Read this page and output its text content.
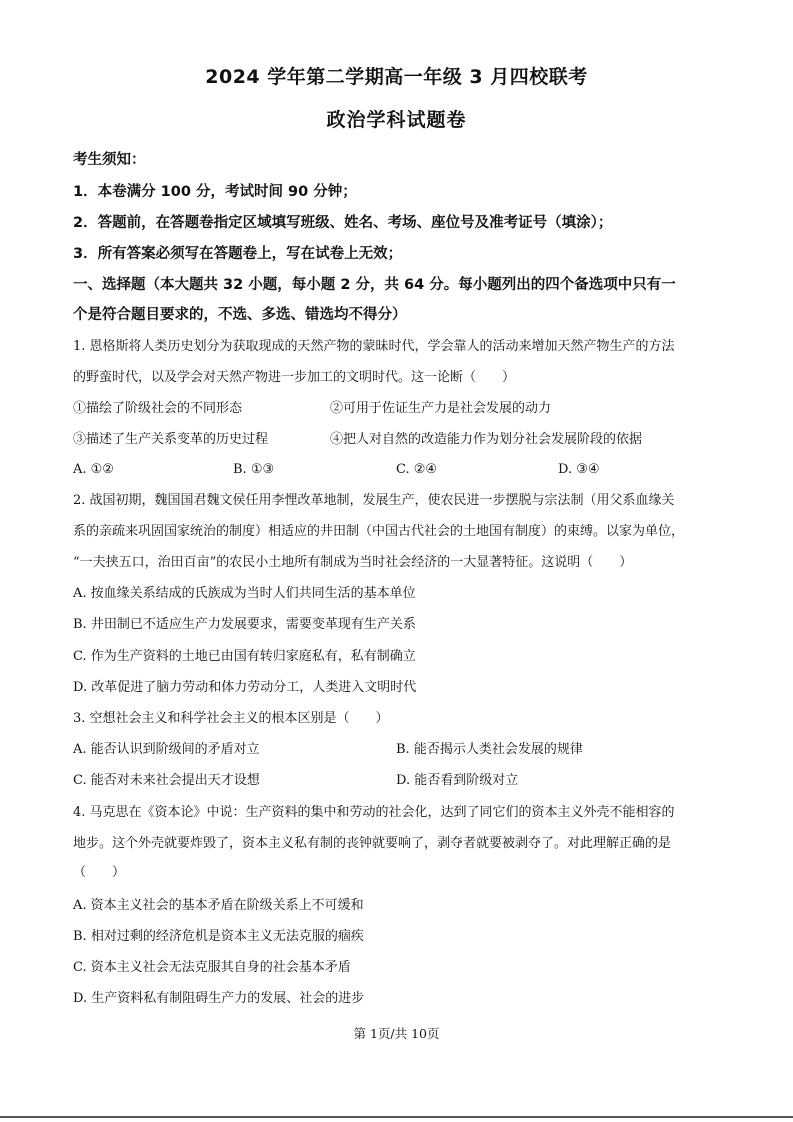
2024 学年第二学期高一年级 3 月四校联考
政治学科试题卷
考生须知：
1．本卷满分 100 分，考试时间 90 分钟；
2．答题前，在答题卷指定区域填写班级、姓名、考场、座位号及准考证号（填涂）；
3．所有答案必须写在答题卷上，写在试卷上无效；
一、选择题（本大题共 32 小题，每小题 2 分，共 64 分。每小题列出的四个备选项中只有一
个是符合题目要求的，不选、多选、错选均不得分）
1. 恩格斯将人类历史划分为获取现成的天然产物的蒙昧时代，学会靠人的活动来增加天然产物生产的方法
的野蛮时代，以及学会对天然产物进一步加工的文明时代。这一论断（　　）
①描绘了阶级社会的不同形态	②可用于佐证生产力是社会发展的动力
③描述了生产关系变革的历史过程	④把人对自然的改造能力作为划分社会发展阶段的依据
A. ①②	B. ①③	C. ②④	D. ③④
2. 战国初期，魏国国君魏文侯任用李悝改革地制，发展生产，使农民进一步摆脱与宗法制（用父系血缘关
系的亲疏来巩固国家统治的制度）相适应的井田制（中国古代社会的土地国有制度）的束缚。以家为单位，
“一夫挟五口，治田百亩”的农民小土地所有制成为当时社会经济的一大显著特征。这说明（　　）
A. 按血缘关系结成的氏族成为当时人们共同生活的基本单位
B. 井田制已不适应生产力发展要求，需要变革现有生产关系
C. 作为生产资料的土地已由国有转归家庭私有，私有制确立
D. 改革促进了脑力劳动和体力劳动分工，人类进入文明时代
3. 空想社会主义和科学社会主义的根本区别是（　　）
A. 能否认识到阶级间的矛盾对立	B. 能否揭示人类社会发展的规律
C. 能否对未来社会提出天才设想	D. 能否看到阶级对立
4. 马克思在《资本论》中说：生产资料的集中和劳动的社会化，达到了同它们的资本主义外壳不能相容的
地步。这个外壳就要炸毁了，资本主义私有制的丧钟就要响了，剥夺者就要被剥夺了。对此理解正确的是
（　　）
A. 资本主义社会的基本矛盾在阶级关系上不可缓和
B. 相对过剩的经济危机是资本主义无法克服的痼疾
C. 资本主义社会无法克服其自身的社会基本矛盾
D. 生产资料私有制阻碍生产力的发展、社会的进步
第 1页/共 10页
